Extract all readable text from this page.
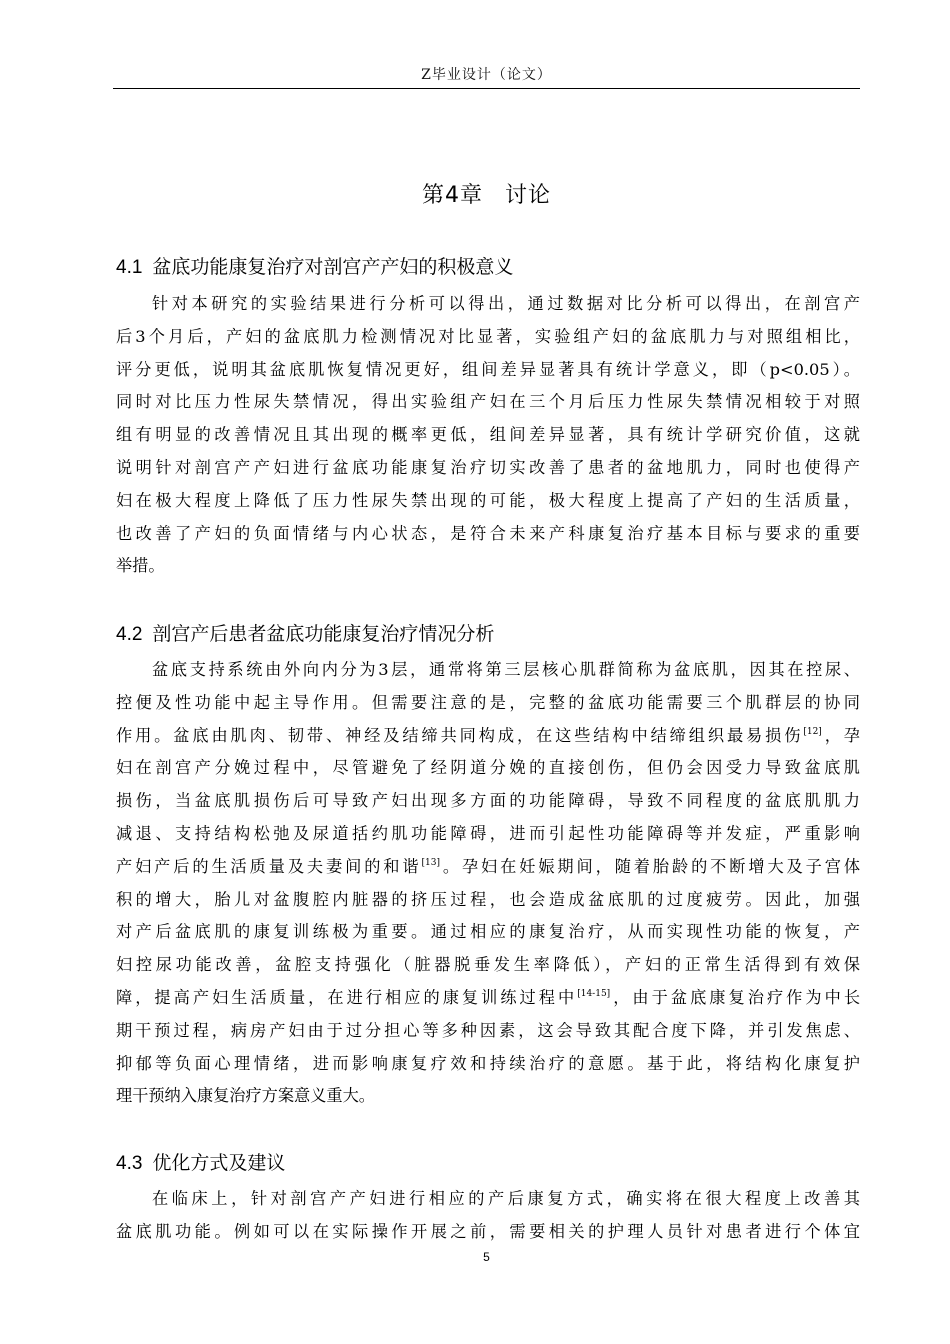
Z毕业设计（论文）
第4章 讨论
4.1 盆底功能康复治疗对剖宫产产妇的积极意义
针对本研究的实验结果进行分析可以得出，通过数据对比分析可以得出，在剖宫产
后3个月后，产妇的盆底肌力检测情况对比显著，实验组产妇的盆底肌力与对照组相比，
评分更低，说明其盆底肌恢复情况更好，组间差异显著具有统计学意义，即（p<0.05）。
同时对比压力性尿失禁情况，得出实验组产妇在三个月后压力性尿失禁情况相较于对照
组有明显的改善情况且其出现的概率更低，组间差异显著，具有统计学研究价值，这就
说明针对剖宫产产妇进行盆底功能康复治疗切实改善了患者的盆地肌力，同时也使得产
妇在极大程度上降低了压力性尿失禁出现的可能，极大程度上提高了产妇的生活质量，
也改善了产妇的负面情绪与内心状态，是符合未来产科康复治疗基本目标与要求的重要
举措。
4.2 剖宫产后患者盆底功能康复治疗情况分析
盆底支持系统由外向内分为3层，通常将第三层核心肌群简称为盆底肌，因其在控尿、
控便及性功能中起主导作用。但需要注意的是，完整的盆底功能需要三个肌群层的协同
作用。盆底由肌肉、韧带、神经及结缔共同构成，在这些结构中结缔组织最易损伤[12]，孕
妇在剖宫产分娩过程中，尽管避免了经阴道分娩的直接创伤，但仍会因受力导致盆底肌
损伤，当盆底肌损伤后可导致产妇出现多方面的功能障碍，导致不同程度的盆底肌肌力
减退、支持结构松弛及尿道括约肌功能障碍，进而引起性功能障碍等并发症，严重影响
产妇产后的生活质量及夫妻间的和谐[13]。孕妇在妊娠期间，随着胎龄的不断增大及子宫体
积的增大，胎儿对盆腹腔内脏器的挤压过程，也会造成盆底肌的过度疲劳。因此，加强
对产后盆底肌的康复训练极为重要。通过相应的康复治疗，从而实现性功能的恢复，产
妇控尿功能改善，盆腔支持强化（脏器脱垂发生率降低），产妇的正常生活得到有效保
障，提高产妇生活质量，在进行相应的康复训练过程中[14-15]，由于盆底康复治疗作为中长
期干预过程，病房产妇由于过分担心等多种因素，这会导致其配合度下降，并引发焦虑、
抑郁等负面心理情绪，进而影响康复疗效和持续治疗的意愿。基于此，将结构化康复护
理干预纳入康复治疗方案意义重大。
4.3 优化方式及建议
在临床上，针对剖宫产产妇进行相应的产后康复方式，确实将在很大程度上改善其
盆底肌功能。例如可以在实际操作开展之前，需要相关的护理人员针对患者进行个体宜
5
